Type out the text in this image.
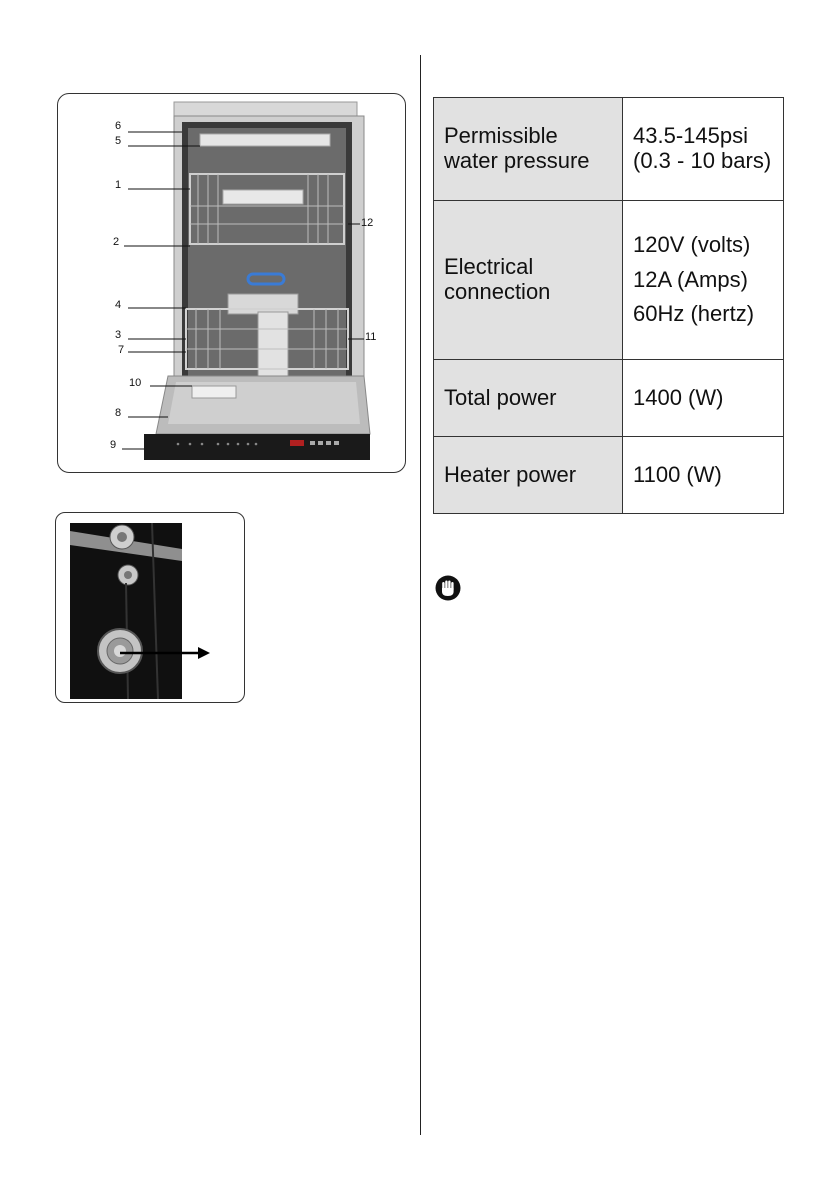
6
5
1
2
4
3
7
10
8
9
12
11
Permissible water pressure	43.5-145psi (0.3 - 10 bars)
Electrical connection	120V (volts)
12A (Amps)
60Hz (hertz)

Total power	1400 (W)
Heater power	1100 (W)
